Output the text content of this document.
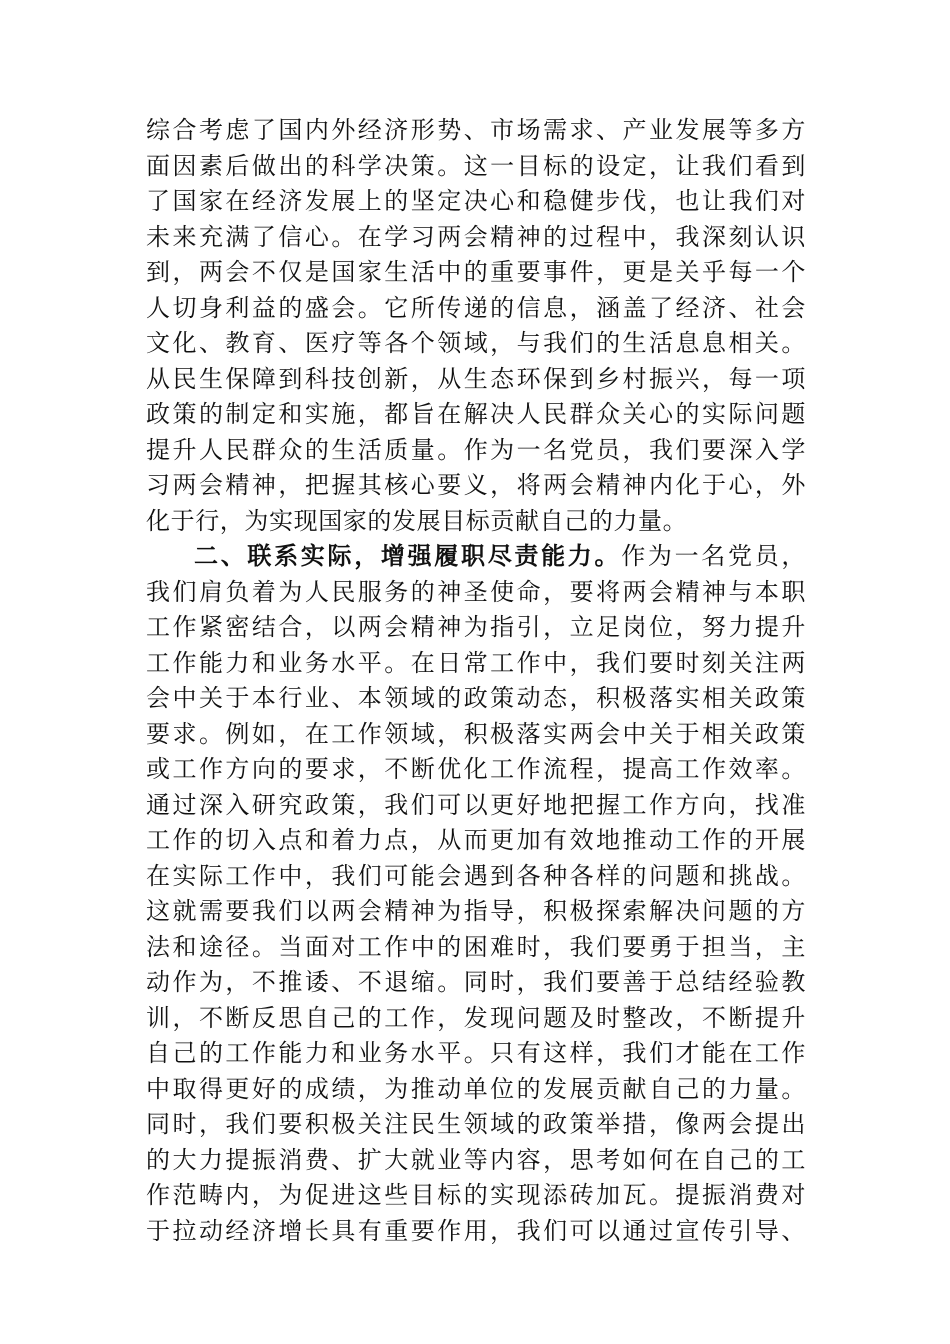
综合考虑了国内外经济形势、市场需求、产业发展等多方
面因素后做出的科学决策。这一目标的设定，让我们看到
了国家在经济发展上的坚定决心和稳健步伐，也让我们对
未来充满了信心。在学习两会精神的过程中，我深刻认识
到，两会不仅是国家生活中的重要事件，更是关乎每一个
人切身利益的盛会。它所传递的信息，涵盖了经济、社会
文化、教育、医疗等各个领域，与我们的生活息息相关。
从民生保障到科技创新，从生态环保到乡村振兴，每一项
政策的制定和实施，都旨在解决人民群众关心的实际问题
提升人民群众的生活质量。作为一名党员，我们要深入学
习两会精神，把握其核心要义，将两会精神内化于心，外
化于行，为实现国家的发展目标贡献自己的力量。
二、联系实际，增强履职尽责能力。作为一名党员，
我们肩负着为人民服务的神圣使命，要将两会精神与本职
工作紧密结合，以两会精神为指引，立足岗位，努力提升
工作能力和业务水平。在日常工作中，我们要时刻关注两
会中关于本行业、本领域的政策动态，积极落实相关政策
要求。例如，在工作领域，积极落实两会中关于相关政策
或工作方向的要求，不断优化工作流程，提高工作效率。
通过深入研究政策，我们可以更好地把握工作方向，找准
工作的切入点和着力点，从而更加有效地推动工作的开展
在实际工作中，我们可能会遇到各种各样的问题和挑战。
这就需要我们以两会精神为指导，积极探索解决问题的方
法和途径。当面对工作中的困难时，我们要勇于担当，主
动作为，不推诿、不退缩。同时，我们要善于总结经验教
训，不断反思自己的工作，发现问题及时整改，不断提升
自己的工作能力和业务水平。只有这样，我们才能在工作
中取得更好的成绩，为推动单位的发展贡献自己的力量。
同时，我们要积极关注民生领域的政策举措，像两会提出
的大力提振消费、扩大就业等内容，思考如何在自己的工
作范畴内，为促进这些目标的实现添砖加瓦。提振消费对
于拉动经济增长具有重要作用，我们可以通过宣传引导、
